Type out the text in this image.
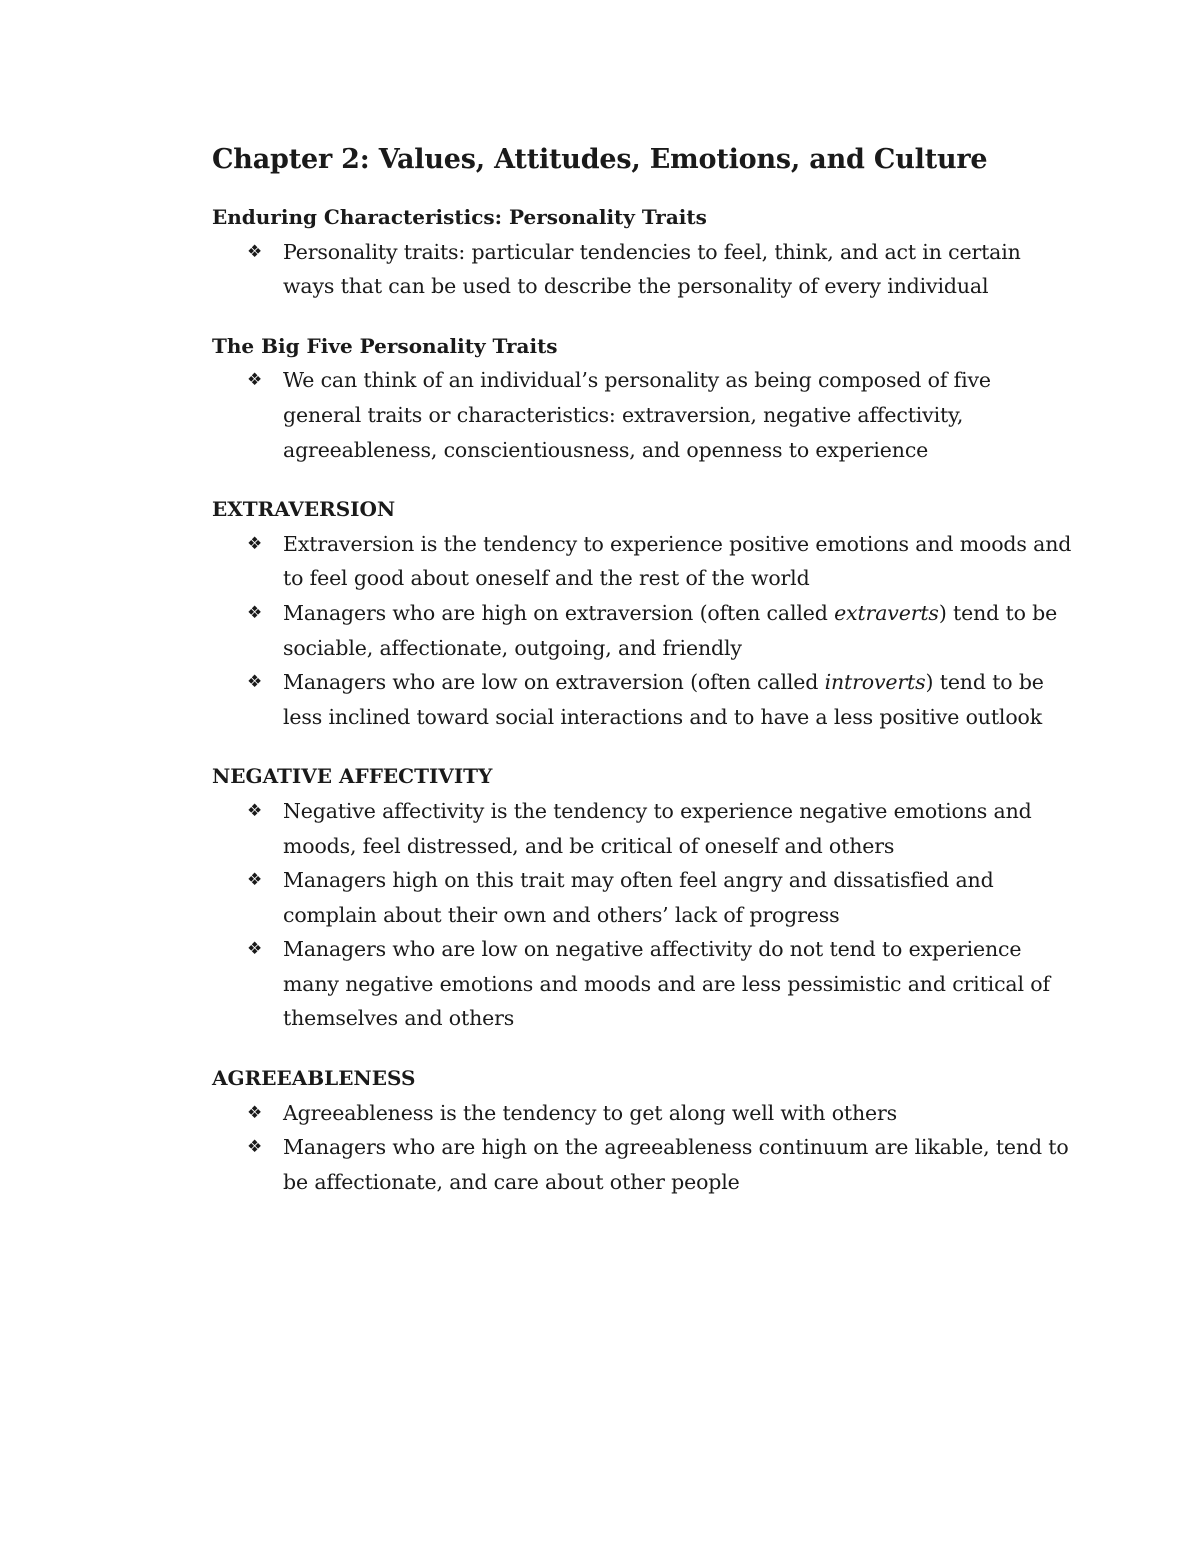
Chapter 2: Values, Attitudes, Emotions, and Culture
Enduring Characteristics: Personality Traits
❖ Personality traits: particular tendencies to feel, think, and act in certain ways that can be used to describe the personality of every individual
The Big Five Personality Traits
❖ We can think of an individual’s personality as being composed of five general traits or characteristics: extraversion, negative affectivity, agreeableness, conscientiousness, and openness to experience
EXTRAVERSION
❖ Extraversion is the tendency to experience positive emotions and moods and to feel good about oneself and the rest of the world
❖ Managers who are high on extraversion (often called extraverts) tend to be sociable, affectionate, outgoing, and friendly
❖ Managers who are low on extraversion (often called introverts) tend to be less inclined toward social interactions and to have a less positive outlook
NEGATIVE AFFECTIVITY
❖ Negative affectivity is the tendency to experience negative emotions and moods, feel distressed, and be critical of oneself and others
❖ Managers high on this trait may often feel angry and dissatisfied and complain about their own and others’ lack of progress
❖ Managers who are low on negative affectivity do not tend to experience many negative emotions and moods and are less pessimistic and critical of themselves and others
AGREEABLENESS
❖ Agreeableness is the tendency to get along well with others
❖ Managers who are high on the agreeableness continuum are likable, tend to be affectionate, and care about other people
